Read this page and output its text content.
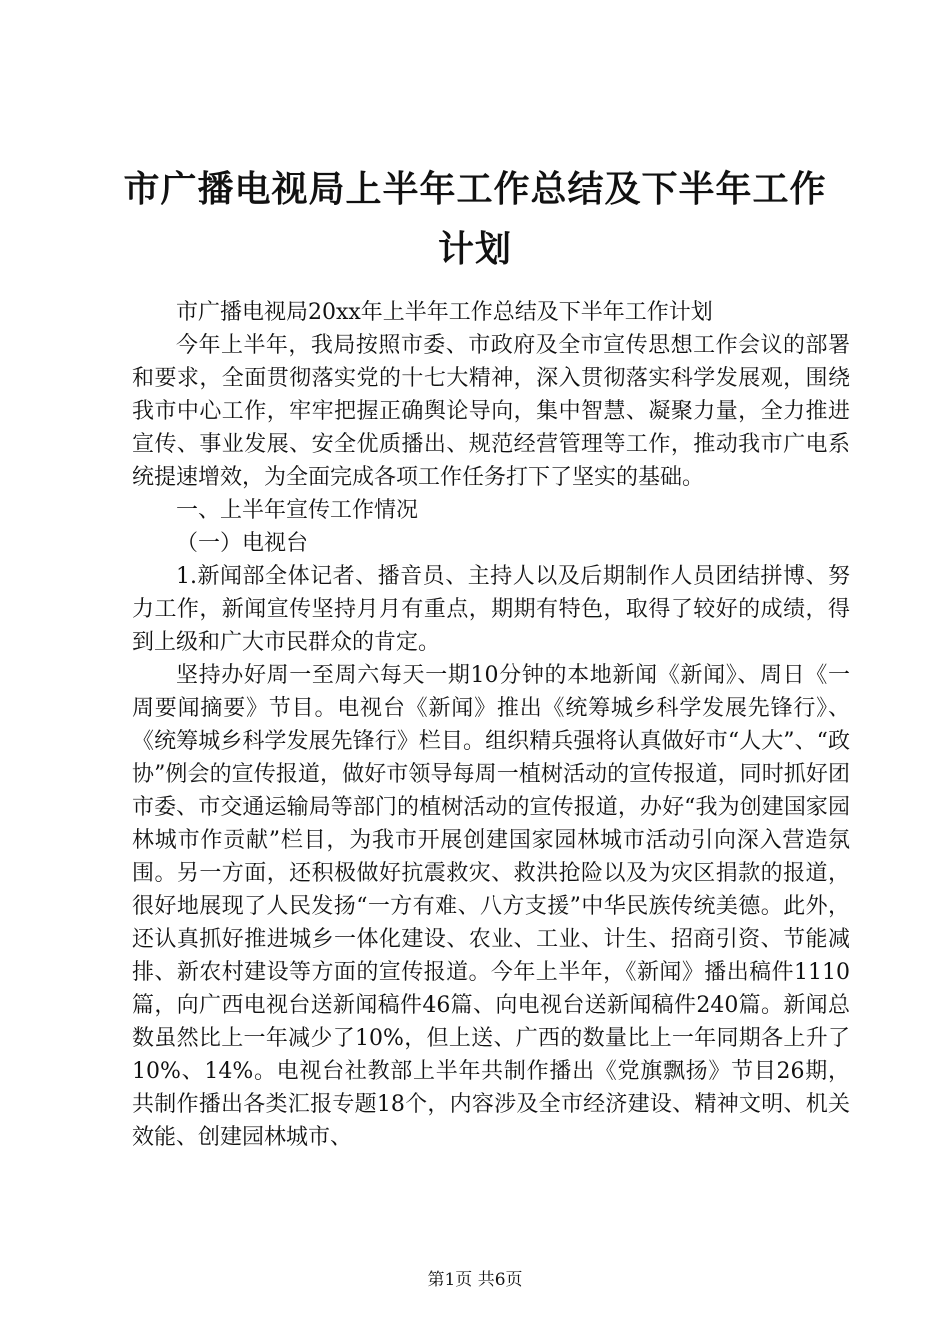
市广播电视局上半年工作总结及下半年工作计划

市广播电视局20xx年上半年工作总结及下半年工作计划

今年上半年，我局按照市委、市政府及全市宣传思想工作会议的部署和要求，全面贯彻落实党的十七大精神，深入贯彻落实科学发展观，围绕我市中心工作，牢牢把握正确舆论导向，集中智慧、凝聚力量，全力推进宣传、事业发展、安全优质播出、规范经营管理等工作，推动我市广电系统提速增效，为全面完成各项工作任务打下了坚实的基础。

一、上半年宣传工作情况

（一）电视台

1.新闻部全体记者、播音员、主持人以及后期制作人员团结拼博、努力工作，新闻宣传坚持月月有重点，期期有特色，取得了较好的成绩，得到上级和广大市民群众的肯定。

坚持办好周一至周六每天一期10分钟的本地新闻《新闻》、周日《一周要闻摘要》节目。电视台《新闻》推出《统筹城乡科学发展先锋行》、《统筹城乡科学发展先锋行》栏目。组织精兵强将认真做好市“人大”、“政协”例会的宣传报道，做好市领导每周一植树活动的宣传报道，同时抓好团市委、市交通运输局等部门的植树活动的宣传报道，办好“我为创建国家园林城市作贡献”栏目，为我市开展创建国家园林城市活动引向深入营造氛围。另一方面，还积极做好抗震救灾、救洪抢险以及为灾区捐款的报道，很好地展现了人民发扬“一方有难、八方支援”中华民族传统美德。此外，还认真抓好推进城乡一体化建设、农业、工业、计生、招商引资、节能减排、新农村建设等方面的宣传报道。今年上半年，《新闻》播出稿件1110篇，向广西电视台送新闻稿件46篇、向电视台送新闻稿件240篇。新闻总数虽然比上一年减少了10%，但上送、广西的数量比上一年同期各上升了10%、14%。电视台社教部上半年共制作播出《党旗飘扬》节目26期，共制作播出各类汇报专题18个，内容涉及全市经济建设、精神文明、机关效能、创建园林城市、

第1页 共6页
